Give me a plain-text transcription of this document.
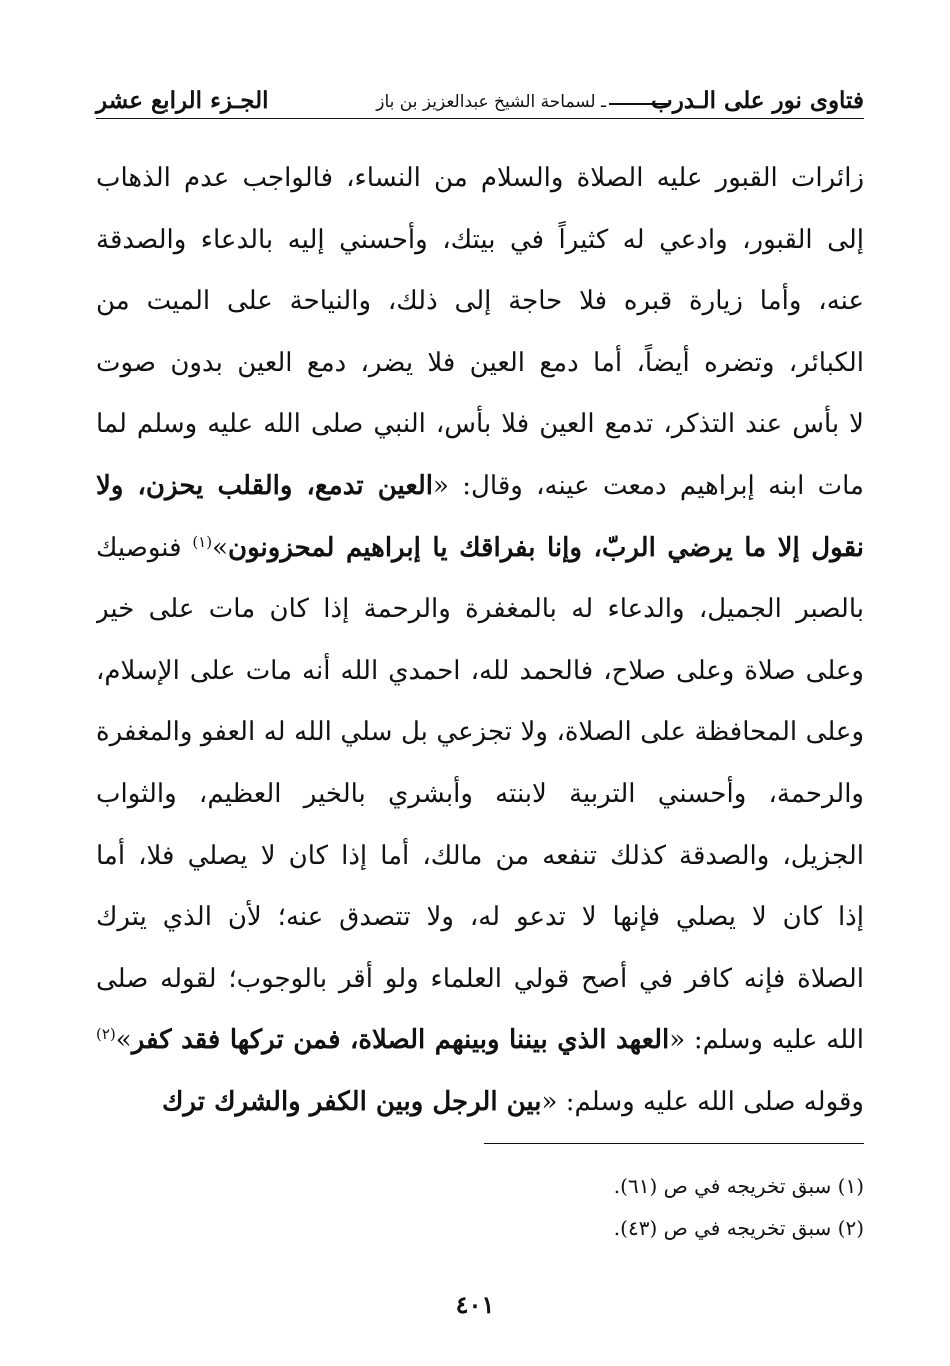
فتاوى نور على الـدرب
ـ لسماحة الشيخ عبدالعزيز بن باز
الجـزء الرابع عشر
زائرات القبور عليه الصلاة والسلام من النساء، فالواجب عدم الذهاب
إلى القبور، وادعي له كثيراً في بيتك، وأحسني إليه بالدعاء والصدقة
عنه، وأما زيارة قبره فلا حاجة إلى ذلك، والنياحة على الميت من
الكبائر، وتضره أيضاً، أما دمع العين فلا يضر، دمع العين بدون صوت
لا بأس عند التذكر، تدمع العين فلا بأس، النبي صلى الله عليه وسلم لما
مات ابنه إبراهيم دمعت عينه، وقال: «العين تدمع، والقلب يحزن، ولا
نقول إلا ما يرضي الربّ، وإنا بفراقك يا إبراهيم لمحزونون»$^{(١)}$ فنوصيك
بالصبر الجميل، والدعاء له بالمغفرة والرحمة إذا كان مات على خير
وعلى صلاة وعلى صلاح، فالحمد لله، احمدي الله أنه مات على الإسلام،
وعلى المحافظة على الصلاة، ولا تجزعي بل سلي الله له العفو والمغفرة
والرحمة، وأحسني التربية لابنته وأبشري بالخير العظيم، والثواب
الجزيل، والصدقة كذلك تنفعه من مالك، أما إذا كان لا يصلي فلا، أما
إذا كان لا يصلي فإنها لا تدعو له، ولا تتصدق عنه؛ لأن الذي يترك
الصلاة فإنه كافر في أصح قولي العلماء ولو أقر بالوجوب؛ لقوله صلى
الله عليه وسلم: «العهد الذي بيننا وبينهم الصلاة، فمن تركها فقد كفر»$^{(٢)}$
وقوله صلى الله عليه وسلم: «بين الرجل وبين الكفر والشرك ترك
(١) سبق تخريجه في ص (٦١).
(٢) سبق تخريجه في ص (٤٣).
٤٠١
